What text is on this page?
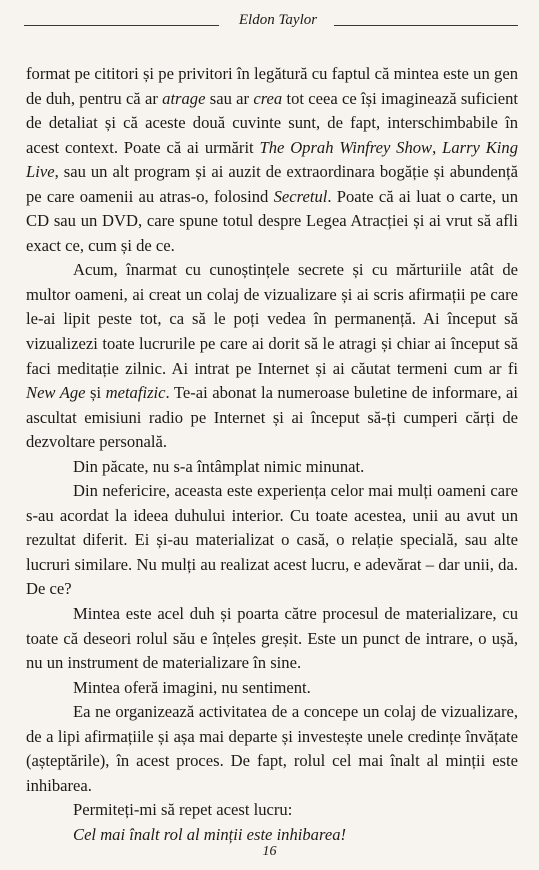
Eldon Taylor

format pe cititori și pe privitori în legătură cu faptul că mintea este un gen de duh, pentru că ar atrage sau ar crea tot ceea ce își imaginează suficient de detaliat și că aceste două cuvinte sunt, de fapt, interschimbabile în acest context. Poate că ai urmărit The Oprah Winfrey Show, Larry King Live, sau un alt program și ai auzit de extraordinara bogăție și abundență pe care oamenii au atras-o, folosind Secretul. Poate că ai luat o carte, un CD sau un DVD, care spune totul despre Legea Atracției și ai vrut să afli exact ce, cum și de ce.

Acum, înarmat cu cunoștințele secrete și cu mărturiile atât de multor oameni, ai creat un colaj de vizualizare și ai scris afirmații pe care le-ai lipit peste tot, ca să le poți vedea în permanență. Ai început să vizualizezi toate lucrurile pe care ai dorit să le atragi și chiar ai început să faci meditație zilnic. Ai intrat pe Internet și ai căutat termeni cum ar fi New Age și metafizic. Te-ai abonat la numeroase buletine de informare, ai ascultat emisiuni radio pe Internet și ai început să-ți cumperi cărți de dezvoltare personală.

Din păcate, nu s-a întâmplat nimic minunat.

Din nefericire, aceasta este experiența celor mai mulți oameni care s-au acordat la ideea duhului interior. Cu toate acestea, unii au avut un rezultat diferit. Ei și-au materializat o casă, o relație specială, sau alte lucruri similare. Nu mulți au realizat acest lucru, e adevărat – dar unii, da. De ce?

Mintea este acel duh și poarta către procesul de materializare, cu toate că deseori rolul său e înțeles greșit. Este un punct de intrare, o ușă, nu un instrument de materializare în sine.

Mintea oferă imagini, nu sentiment.

Ea ne organizează activitatea de a concepe un colaj de vizualizare, de a lipi afirmațiile și așa mai departe și investește unele credințe învățate (așteptările), în acest proces. De fapt, rolul cel mai înalt al minții este inhibarea.

Permiteți-mi să repet acest lucru:

Cel mai înalt rol al minții este inhibarea!

16
